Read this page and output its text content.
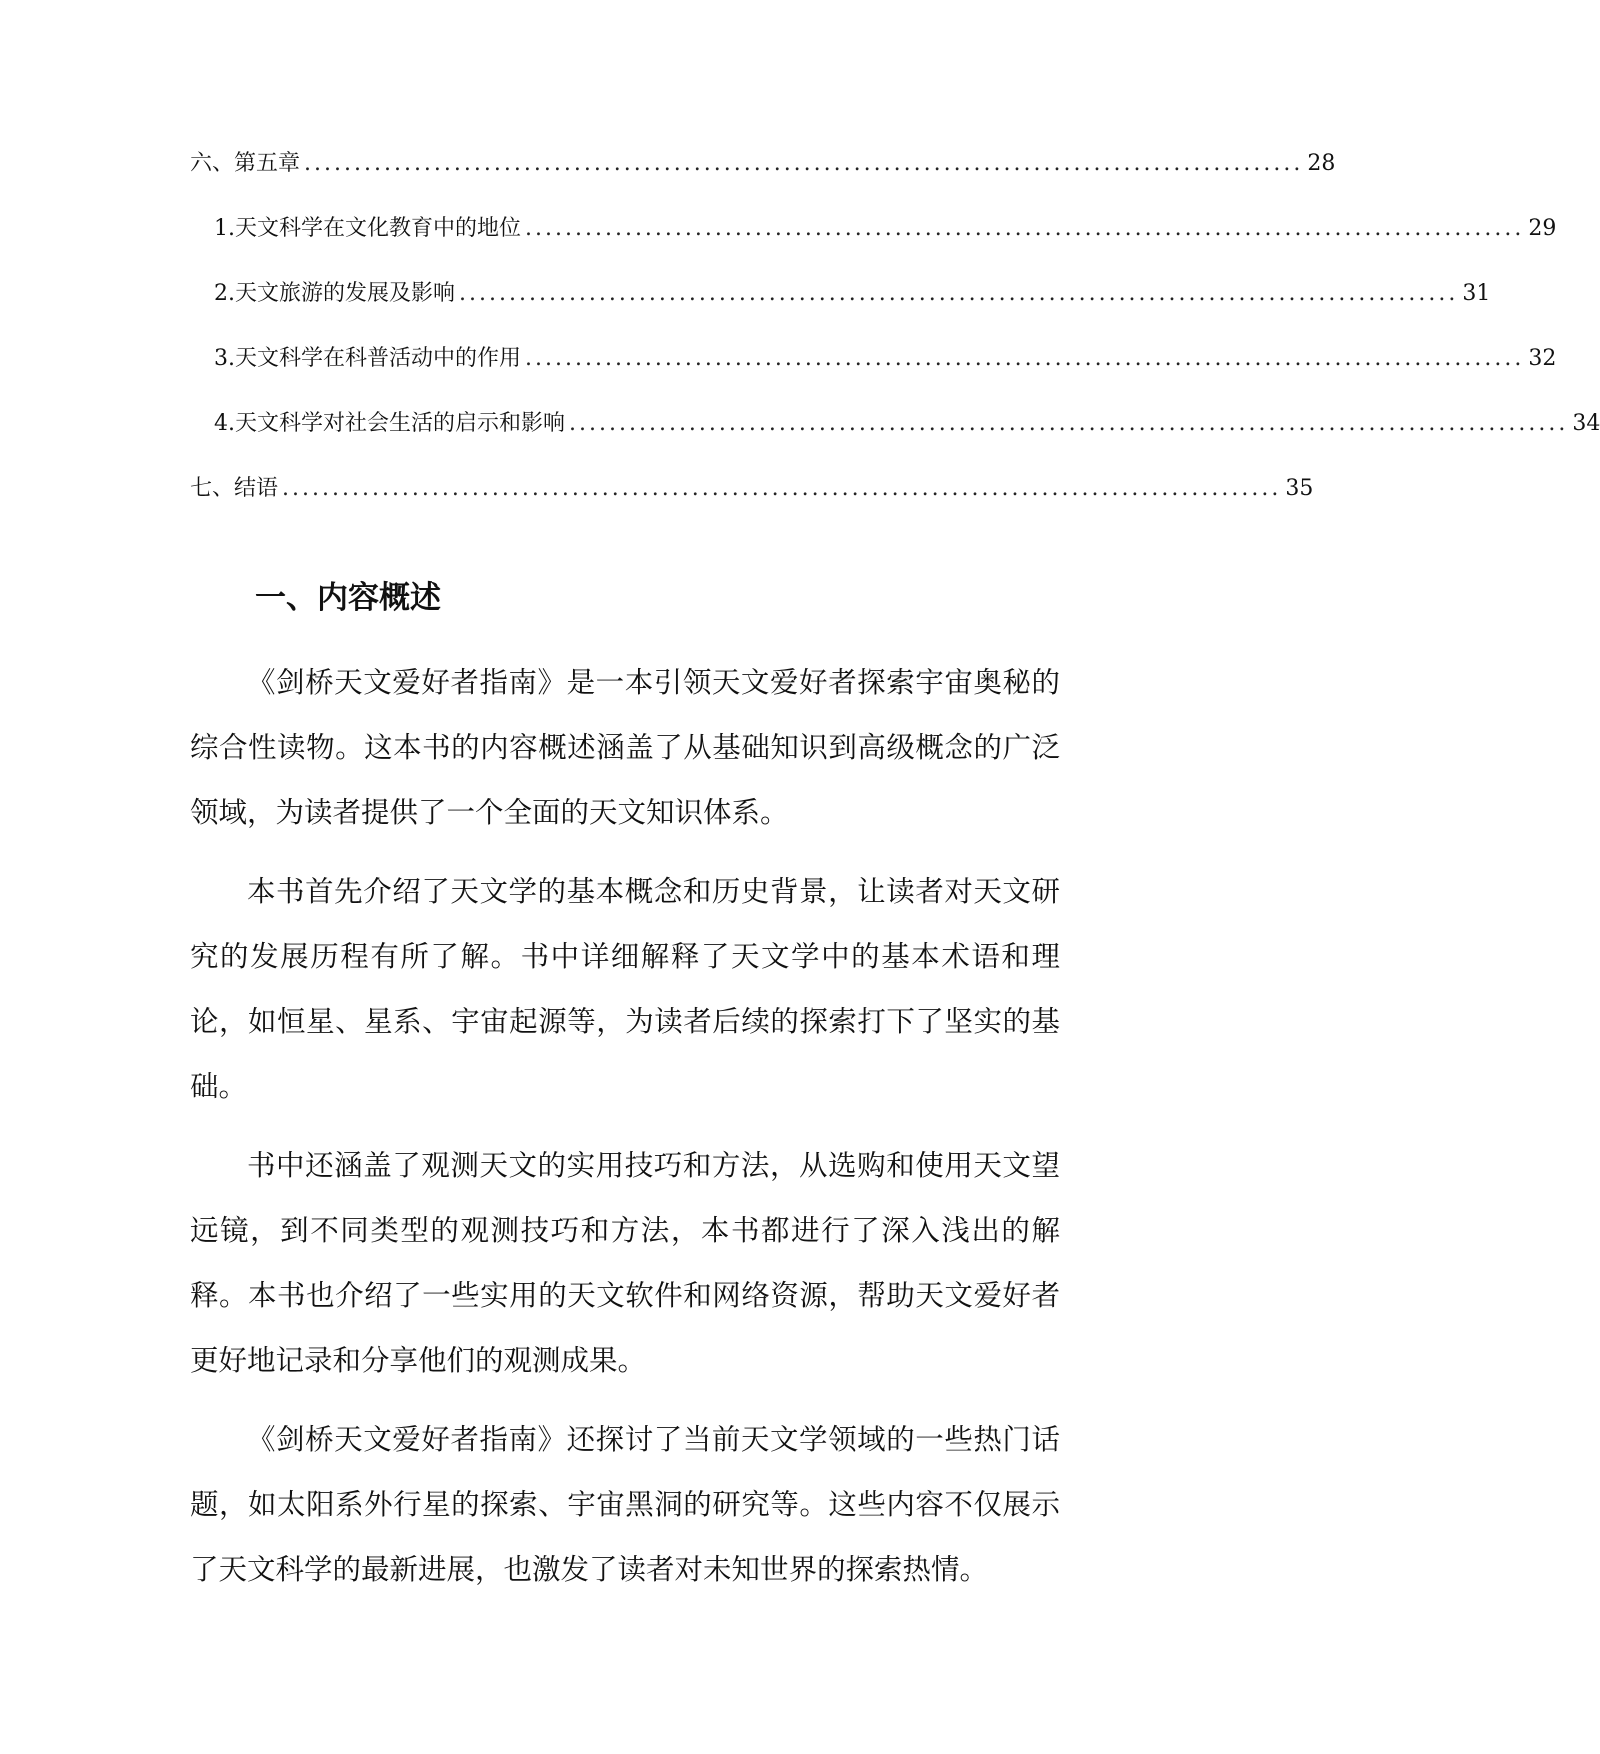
六、第五章 .................................................................................................... 28
1. 天文科学在文化教育中的地位 .................................................................................................... 29
2. 天文旅游的发展及影响 .................................................................................................... 31
3. 天文科学在科普活动中的作用 .................................................................................................... 32
4. 天文科学对社会生活的启示和影响 .................................................................................................... 34
七、结语 .................................................................................................... 35
一、内容概述

《剑桥天文爱好者指南》是一本引领天文爱好者探索宇宙奥秘的综合性读物。这本书的内容概述涵盖了从基础知识到高级概念的广泛领域，为读者提供了一个全面的天文知识体系。

本书首先介绍了天文学的基本概念和历史背景，让读者对天文研究的发展历程有所了解。书中详细解释了天文学中的基本术语和理论，如恒星、星系、宇宙起源等，为读者后续的探索打下了坚实的基础。

书中还涵盖了观测天文的实用技巧和方法，从选购和使用天文望远镜，到不同类型的观测技巧和方法，本书都进行了深入浅出的解释。本书也介绍了一些实用的天文软件和网络资源，帮助天文爱好者更好地记录和分享他们的观测成果。

《剑桥天文爱好者指南》还探讨了当前天文学领域的一些热门话题，如太阳系外行星的探索、宇宙黑洞的研究等。这些内容不仅展示了天文科学的最新进展，也激发了读者对未知世界的探索热情。
